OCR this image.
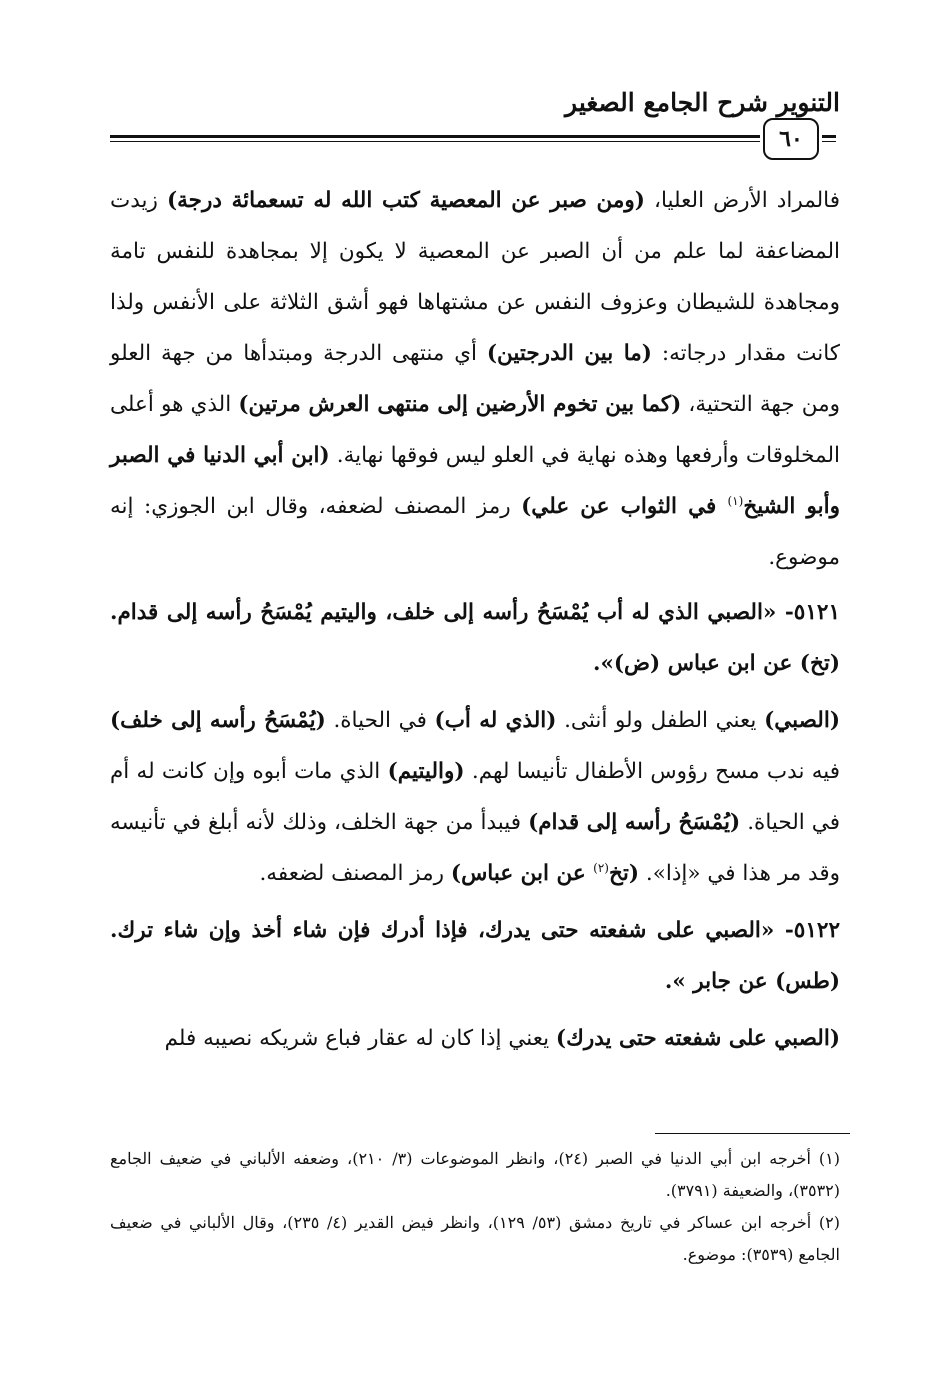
التنوير شرح الجامع الصغير
٦٠

فالمراد الأرض العليا، (ومن صبر عن المعصية كتب الله له تسعمائة درجة) زيدت المضاعفة لما علم من أن الصبر عن المعصية لا يكون إلا بمجاهدة للنفس تامة ومجاهدة للشيطان وعزوف النفس عن مشتهاها فهو أشق الثلاثة على الأنفس ولذا كانت مقدار درجاته: (ما بين الدرجتين) أي منتهى الدرجة ومبتدأها من جهة العلو ومن جهة التحتية، (كما بين تخوم الأرضين إلى منتهى العرش مرتين) الذي هو أعلى المخلوقات وأرفعها وهذه نهاية في العلو ليس فوقها نهاية. (ابن أبي الدنيا في الصبر وأبو الشيخ$^{(١)}$ في الثواب عن علي) رمز المصنف لضعفه، وقال ابن الجوزي: إنه موضوع.

٥١٢١- «الصبي الذي له أب يُمْسَحُ رأسه إلى خلف، واليتيم يُمْسَحُ رأسه إلى قدام. (تخ) عن ابن عباس (ض)».

(الصبي) يعني الطفل ولو أنثى. (الذي له أب) في الحياة. (يُمْسَحُ رأسه إلى خلف) فيه ندب مسح رؤوس الأطفال تأنيسا لهم. (واليتيم) الذي مات أبوه وإن كانت له أم في الحياة. (يُمْسَحُ رأسه إلى قدام) فيبدأ من جهة الخلف، وذلك لأنه أبلغ في تأنيسه وقد مر هذا في «إذا». (تخ$^{(٢)}$ عن ابن عباس) رمز المصنف لضعفه.

٥١٢٢- «الصبي على شفعته حتى يدرك، فإذا أدرك فإن شاء أخذ وإن شاء ترك. (طس) عن جابر ».

(الصبي على شفعته حتى يدرك) يعني إذا كان له عقار فباع شريكه نصيبه فلم

(١) أخرجه ابن أبي الدنيا في الصبر (٢٤)، وانظر الموضوعات (٣/ ٢١٠)، وضعفه الألباني في ضعيف الجامع (٣٥٣٢)، والضعيفة (٣٧٩١).

(٢) أخرجه ابن عساكر في تاريخ دمشق (٥٣/ ١٢٩)، وانظر فيض القدير (٤/ ٢٣٥)، وقال الألباني في ضعيف الجامع (٣٥٣٩): موضوع.
